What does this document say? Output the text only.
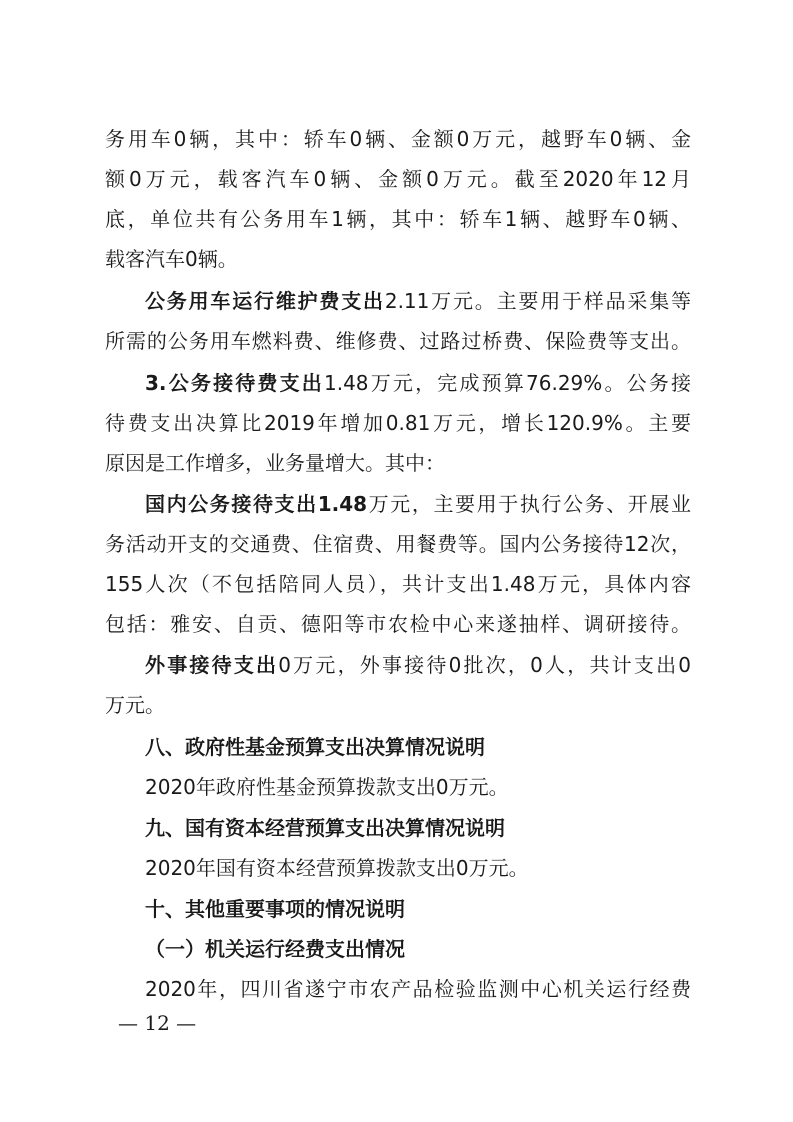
务用车0辆，其中：轿车0辆、金额0万元，越野车0辆、金
额0万元，载客汽车0辆、金额0万元。截至2020年12月
底，单位共有公务用车1辆，其中：轿车1辆、越野车0辆、
载客汽车0辆。
公务用车运行维护费支出2.11万元。主要用于样品采集等
所需的公务用车燃料费、维修费、过路过桥费、保险费等支出。
3.公务接待费支出1.48万元，完成预算76.29%。公务接
待费支出决算比2019年增加0.81万元，增长120.9%。主要
原因是工作增多，业务量增大。其中：
国内公务接待支出1.48万元，主要用于执行公务、开展业
务活动开支的交通费、住宿费、用餐费等。国内公务接待12次，
155人次（不包括陪同人员），共计支出1.48万元，具体内容
包括：雅安、自贡、德阳等市农检中心来遂抽样、调研接待。
外事接待支出0万元，外事接待0批次，0人，共计支出0
万元。
八、政府性基金预算支出决算情况说明
2020年政府性基金预算拨款支出0万元。
九、国有资本经营预算支出决算情况说明
2020年国有资本经营预算拨款支出0万元。
十、其他重要事项的情况说明
（一）机关运行经费支出情况
2020年，四川省遂宁市农产品检验监测中心机关运行经费
— 12 —
